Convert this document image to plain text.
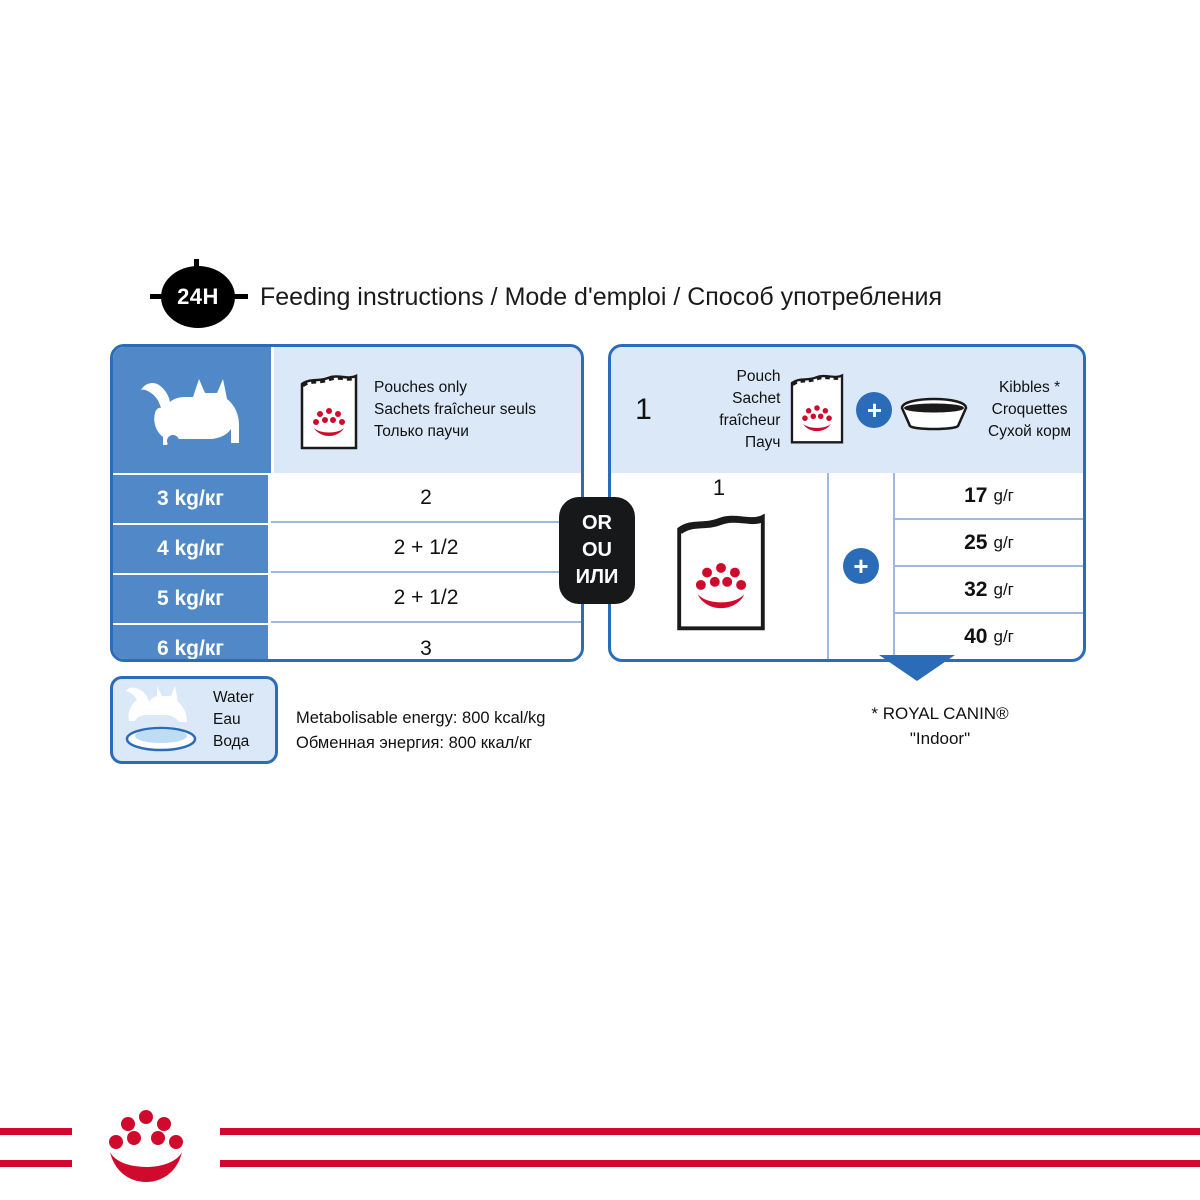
24H	Feeding instructions / Mode d'emploi / Способ употребления
Pouches only
Sachets fraîcheur seuls
Только паучи
3 kg/кг	2
4 kg/кг	2 + 1/2
5 kg/кг	2 + 1/2
6 kg/кг	3
OR
OU
ИЛИ
1
Pouch
Sachet fraîcheur
Пауч
+
Kibbles *
Croquettes
Сухой корм
1
+
17 g/г
25 g/г
32 g/г
40 g/г
Water
Eau
Вода
Metabolisable energy: 800 kcal/kg
Обменная энергия: 800 ккал/кг
* ROYAL CANIN®
"Indoor"
